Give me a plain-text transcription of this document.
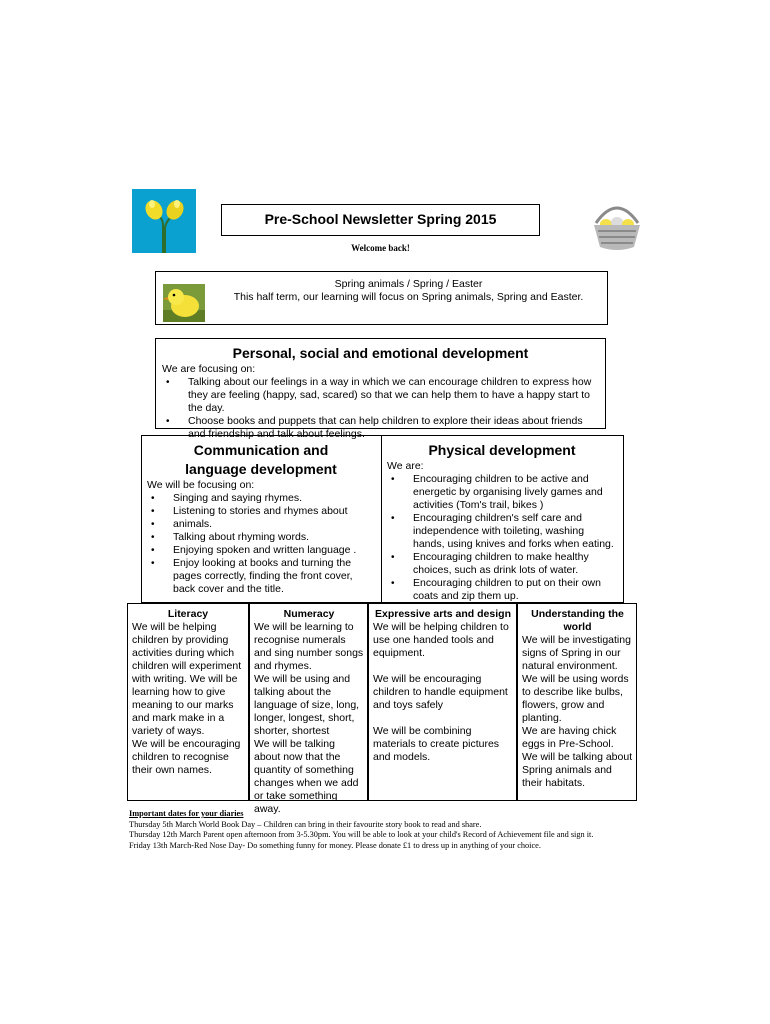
Pre-School Newsletter Spring 2015
Welcome back!
Spring animals / Spring / Easter
This half term, our learning will focus on Spring animals, Spring and Easter.
Personal, social and emotional development
We are focusing on:
• Talking about our feelings in a way in which we can encourage children to express how they are feeling (happy, sad, scared) so that we can help them to have a happy start to the day.
• Choose books and puppets that can help children to explore their ideas about friends and friendship and talk about feelings.
Communication and
language development
We will be focusing on:
• Singing and saying rhymes.
• Listening to stories and rhymes about
• animals.
• Talking about rhyming words.
• Enjoying spoken and written language .
• Enjoy looking at books and turning the pages correctly, finding the front cover, back cover and the title.
Physical development
We are:
• Encouraging children to be active and energetic by organising lively games and activities (Tom's trail, bikes )
• Encouraging children's self care and independence with toileting, washing hands, using knives and forks when eating.
• Encouraging children to make healthy choices, such as drink lots of water.
• Encouraging children to put on their own coats and zip them up.
Literacy
We will be helping children by providing activities during which children will experiment with writing. We will be learning how to give meaning to our marks and mark make in a variety of ways.
We will be encouraging children to recognise their own names.
Numeracy
We will be learning to recognise numerals and sing number songs and rhymes.
We will be using and talking about the language of size, long, longer, longest, short, shorter, shortest
We will be talking about now that the quantity of something changes when we add or take something away.
Expressive arts and design
We will be helping children to use one handed tools and equipment.
We will be encouraging children to handle equipment and toys safely
We will be combining materials to create pictures and models.
Understanding the world
We will be investigating signs of Spring in our natural environment.
We will be using words to describe like bulbs, flowers, grow and planting.
We are having chick eggs in Pre-School.
We will be talking about Spring animals and their habitats.
Important dates for your diaries
Thursday 5th March World Book Day – Children can bring in their favourite story book to read and share.
Thursday 12th March Parent open afternoon from 3-5.30pm. You will be able to look at your child's Record of Achievement file and sign it.
Friday 13th March-Red Nose Day- Do something funny for money. Please donate £1 to dress up in anything of your choice.
